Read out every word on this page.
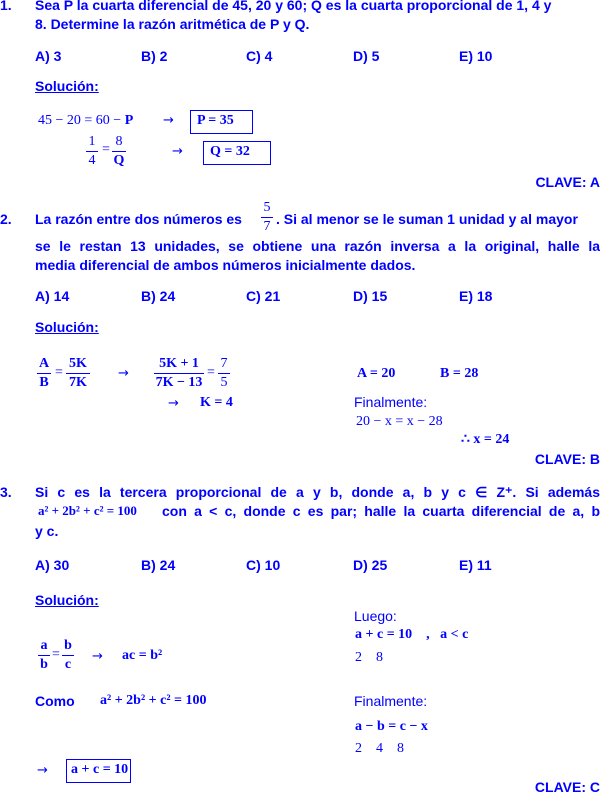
1. Sea P la cuarta diferencial de 45, 20 y 60; Q es la cuarta proporcional de 1, 4 y
8. Determine la razón aritmética de P y Q.
A) 3	B) 2	C) 4	D) 5	E) 10
Solución:
45 − 20 = 60 − P → P = 35
1
4
=
8
Q
→ Q = 32
CLAVE: A
2. La razón entre dos números es
5
7 . Si al menor se le suman 1 unidad y al mayor
se le restan 13 unidades, se obtiene una razón inversa a la original, halle la
media diferencial de ambos números inicialmente dados.
A) 14	B) 24	C) 21	D) 15	E) 18
Solución:
A
B
=
5K
7K
→
5K + 1
7K − 13
=
7
5
→ K = 4
A = 20	B = 28
Finalmente:
20 − x = x − 28
∴ x = 24
CLAVE: B
3. Si c es la tercera proporcional de a y b, donde a, b y c ∈ Z⁺. Si además
a² + 2b² + c² = 100 con a < c, donde c es par; halle la cuarta diferencial de a, b
y c.
A) 30	B) 24	C) 10	D) 25	E) 11
Solución:
a
b
=
b
c
→ ac = b²
Como a² + 2b² + c² = 100
→ a + c = 10
Luego:
a + c = 10    ,   a < c
2    8
Finalmente:
a − b = c − x
2    4    8
CLAVE: C
